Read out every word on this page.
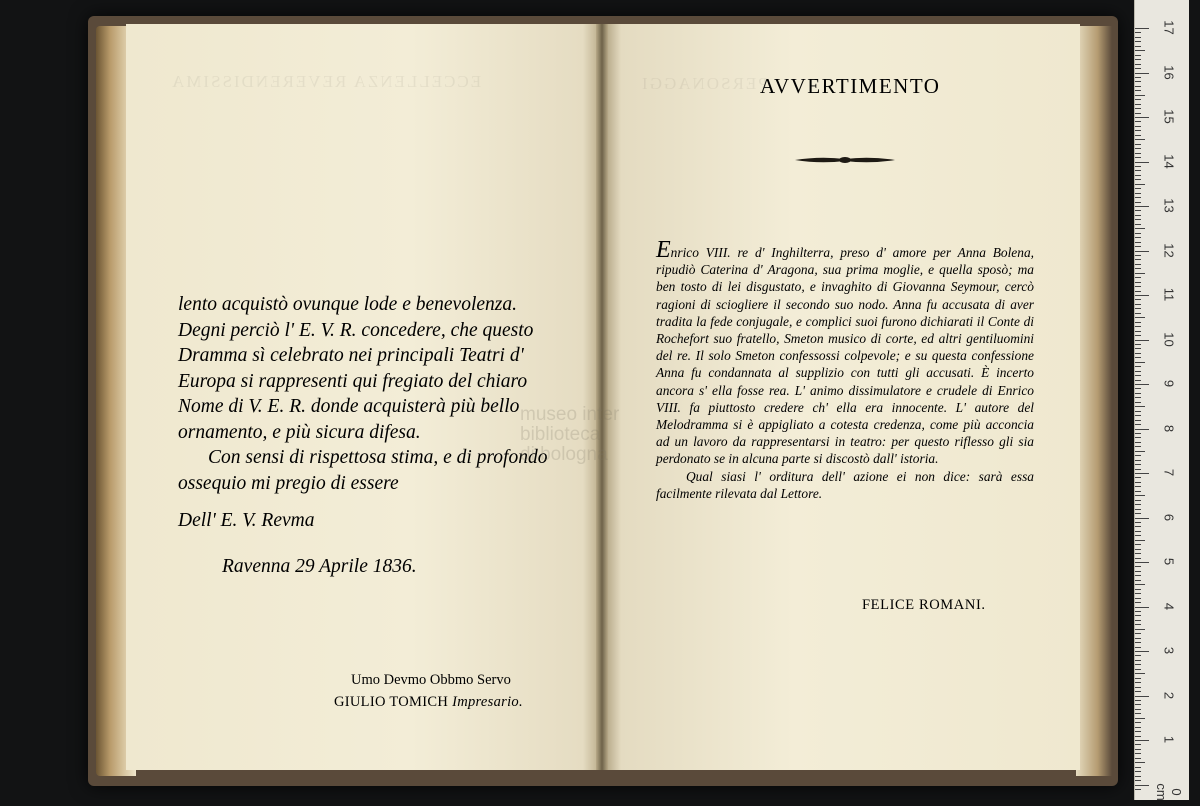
ECCELLENZA REVERENDISSIMA	PERSONAGGI

lento acquistò ovunque lode e benevolenza. Degni perciò l' E. V. R. concedere, che questo Dramma sì celebrato nei principali Teatri d' Europa si rappresenti qui fregiato del chiaro Nome di V. E. R. donde acquisterà più bello ornamento, e più sicura difesa.

Con sensi di rispettosa stima, e di profondo ossequio mi pregio di essere

Dell' E. V. Revma

Ravenna 29 Aprile 1836.

Umo Devmo Obbmo Servo
GIULIO TOMICH Impresario.
AVVERTIMENTO

Enrico VIII. re d' Inghilterra, preso d' amore per Anna Bolena, ripudiò Caterina d' Aragona, sua prima moglie, e quella sposò; ma ben tosto di lei disgustato, e invaghito di Giovanna Seymour, cercò ragioni di sciogliere il secondo suo nodo. Anna fu accusata di aver tradita la fede conjugale, e complici suoi furono dichiarati il Conte di Rochefort suo fratello, Smeton musico di corte, ed altri gentiluomini del re. Il solo Smeton confessossi colpevole; e su questa confessione Anna fu condannata al supplizio con tutti gli accusati. È incerto ancora s' ella fosse rea. L' animo dissimulatore e crudele di Enrico VIII. fa piuttosto credere ch' ella era innocente. L' autore del Melodramma si è appigliato a cotesta credenza, come più acconcia ad un lavoro da rappresentarsi in teatro: per questo riflesso gli sia perdonato se in alcuna parte si discostò dall' istoria.

Qual siasi l' orditura dell' azione ei non dice: sarà essa facilmente rilevata dal Lettore.

FELICE ROMANI.
museo inter
biblioteca
di bologna
17
16
15
14
13
12
11
10
9
8
7
6
5
4
3
2
1
0 cm
